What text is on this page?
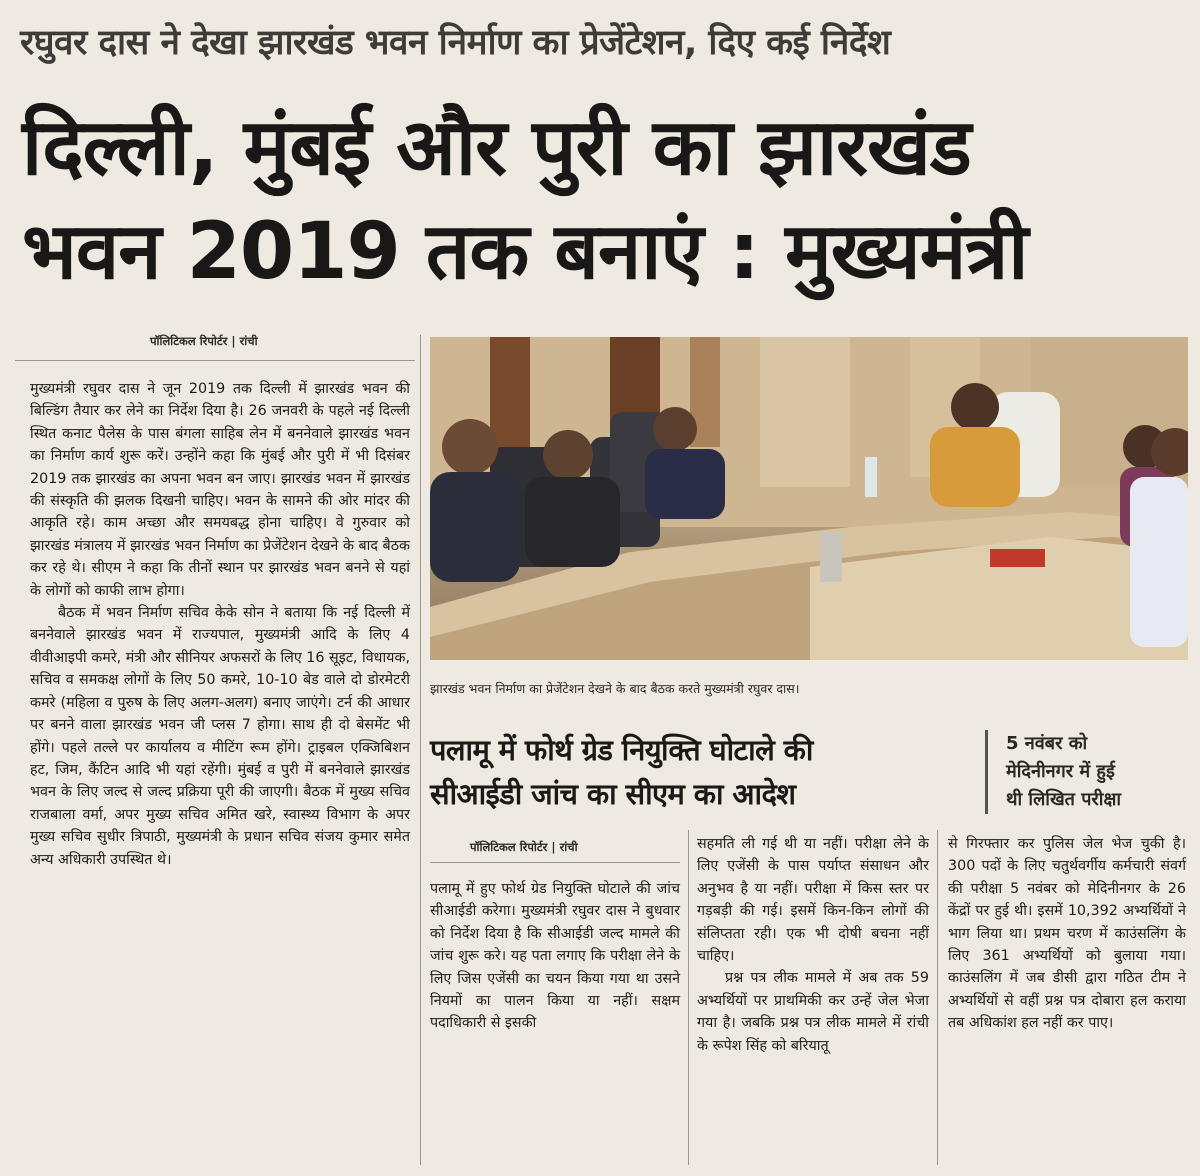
रघुवर दास ने देखा झारखंड भवन निर्माण का प्रेजेंटेशन, दिए कई निर्देश
दिल्ली, मुंबई और पुरी का झारखंड
भवन 2019 तक बनाएं : मुख्यमंत्री
पॉलिटिकल रिपोर्टर | रांची

मुख्यमंत्री रघुवर दास ने जून 2019 तक दिल्ली में झारखंड भवन की बिल्डिंग तैयार कर लेने का निर्देश दिया है। 26 जनवरी के पहले नई दिल्ली स्थित कनाट पैलेस के पास बंगला साहिब लेन में बननेवाले झारखंड भवन का निर्माण कार्य शुरू करें। उन्होंने कहा कि मुंबई और पुरी में भी दिसंबर 2019 तक झारखंड का अपना भवन बन जाए। झारखंड भवन में झारखंड की संस्कृति की झलक दिखनी चाहिए। भवन के सामने की ओर मांदर की आकृति रहे। काम अच्छा और समयबद्ध होना चाहिए। वे गुरुवार को झारखंड मंत्रालय में झारखंड भवन निर्माण का प्रेजेंटेशन देखने के बाद बैठक कर रहे थे। सीएम ने कहा कि तीनों स्थान पर झारखंड भवन बनने से यहां के लोगों को काफी लाभ होगा।

बैठक में भवन निर्माण सचिव केके सोन ने बताया कि नई दिल्ली में बननेवाले झारखंड भवन में राज्यपाल, मुख्यमंत्री आदि के लिए 4 वीवीआइपी कमरे, मंत्री और सीनियर अफसरों के लिए 16 सूइट, विधायक, सचिव व समकक्ष लोगों के लिए 50 कमरे, 10-10 बेड वाले दो डोरमेटरी कमरे (महिला व पुरुष के लिए अलग-अलग) बनाए जाएंगे। टर्न की आधार पर बनने वाला झारखंड भवन जी प्लस 7 होगा। साथ ही दो बेसमेंट भी होंगे। पहले तल्ले पर कार्यालय व मीटिंग रूम होंगे। ट्राइबल एक्जिबिशन हट, जिम, कैंटिन आदि भी यहां रहेंगी। मुंबई व पुरी में बननेवाले झारखंड भवन के लिए जल्द से जल्द प्रक्रिया पूरी की जाएगी। बैठक में मुख्य सचिव राजबाला वर्मा, अपर मुख्य सचिव अमित खरे, स्वास्थ्य विभाग के अपर मुख्य सचिव सुधीर त्रिपाठी, मुख्यमंत्री के प्रधान सचिव संजय कुमार समेत अन्य अधिकारी उपस्थित थे।

झारखंड भवन निर्माण का प्रेजेंटेशन देखने के बाद बैठक करते मुख्यमंत्री रघुवर दास।
पलामू में फोर्थ ग्रेड नियुक्ति घोटाले की
सीआईडी जांच का सीएम का आदेश
5 नवंबर को
मेदिनीनगर में हुई
थी लिखित परीक्षा
पॉलिटिकल रिपोर्टर | रांची

पलामू में हुए फोर्थ ग्रेड नियुक्ति घोटाले की जांच सीआईडी करेगा। मुख्यमंत्री रघुवर दास ने बुधवार को निर्देश दिया है कि सीआईडी जल्द मामले की जांच शुरू करे। यह पता लगाए कि परीक्षा लेने के लिए जिस एजेंसी का चयन किया गया था उसने नियमों का पालन किया या नहीं। सक्षम पदाधिकारी से इसकी

सहमति ली गई थी या नहीं। परीक्षा लेने के लिए एजेंसी के पास पर्याप्त संसाधन और अनुभव है या नहीं। परीक्षा में किस स्तर पर गड़बड़ी की गई। इसमें किन-किन लोगों की संलिप्तता रही। एक भी दोषी बचना नहीं चाहिए।

प्रश्न पत्र लीक मामले में अब तक 59 अभ्यर्थियों पर प्राथमिकी कर उन्हें जेल भेजा गया है। जबकि प्रश्न पत्र लीक मामले में रांची के रूपेश सिंह को बरियातू

से गिरफ्तार कर पुलिस जेल भेज चुकी है। 300 पदों के लिए चतुर्थवर्गीय कर्मचारी संवर्ग की परीक्षा 5 नवंबर को मेदिनीनगर के 26 केंद्रों पर हुई थी। इसमें 10,392 अभ्यर्थियों ने भाग लिया था। प्रथम चरण में काउंसलिंग के लिए 361 अभ्यर्थियों को बुलाया गया। काउंसलिंग में जब डीसी द्वारा गठित टीम ने अभ्यर्थियों से वहीं प्रश्न पत्र दोबारा हल कराया तब अधिकांश हल नहीं कर पाए।
